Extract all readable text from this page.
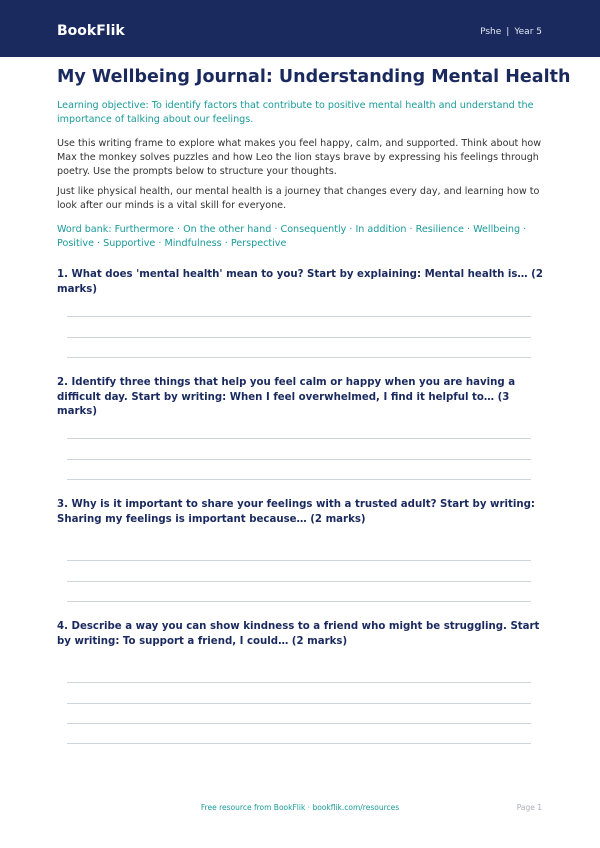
BookFlik	Pshe | Year 5
My Wellbeing Journal: Understanding Mental Health

Learning objective: To identify factors that contribute to positive mental health and understand the importance of talking about our feelings.

Use this writing frame to explore what makes you feel happy, calm, and supported. Think about how Max the monkey solves puzzles and how Leo the lion stays brave by expressing his feelings through poetry. Use the prompts below to structure your thoughts.

Just like physical health, our mental health is a journey that changes every day, and learning how to look after our minds is a vital skill for everyone.

Word bank: Furthermore · On the other hand · Consequently · In addition · Resilience · Wellbeing · Positive · Supportive · Mindfulness · Perspective

1. What does 'mental health' mean to you? Start by explaining: Mental health is… (2 marks)

2. Identify three things that help you feel calm or happy when you are having a difficult day. Start by writing: When I feel overwhelmed, I find it helpful to… (3 marks)

3. Why is it important to share your feelings with a trusted adult? Start by writing: Sharing my feelings is important because… (2 marks)

4. Describe a way you can show kindness to a friend who might be struggling. Start by writing: To support a friend, I could… (2 marks)

Free resource from BookFlik · bookflik.com/resources	Page 1
